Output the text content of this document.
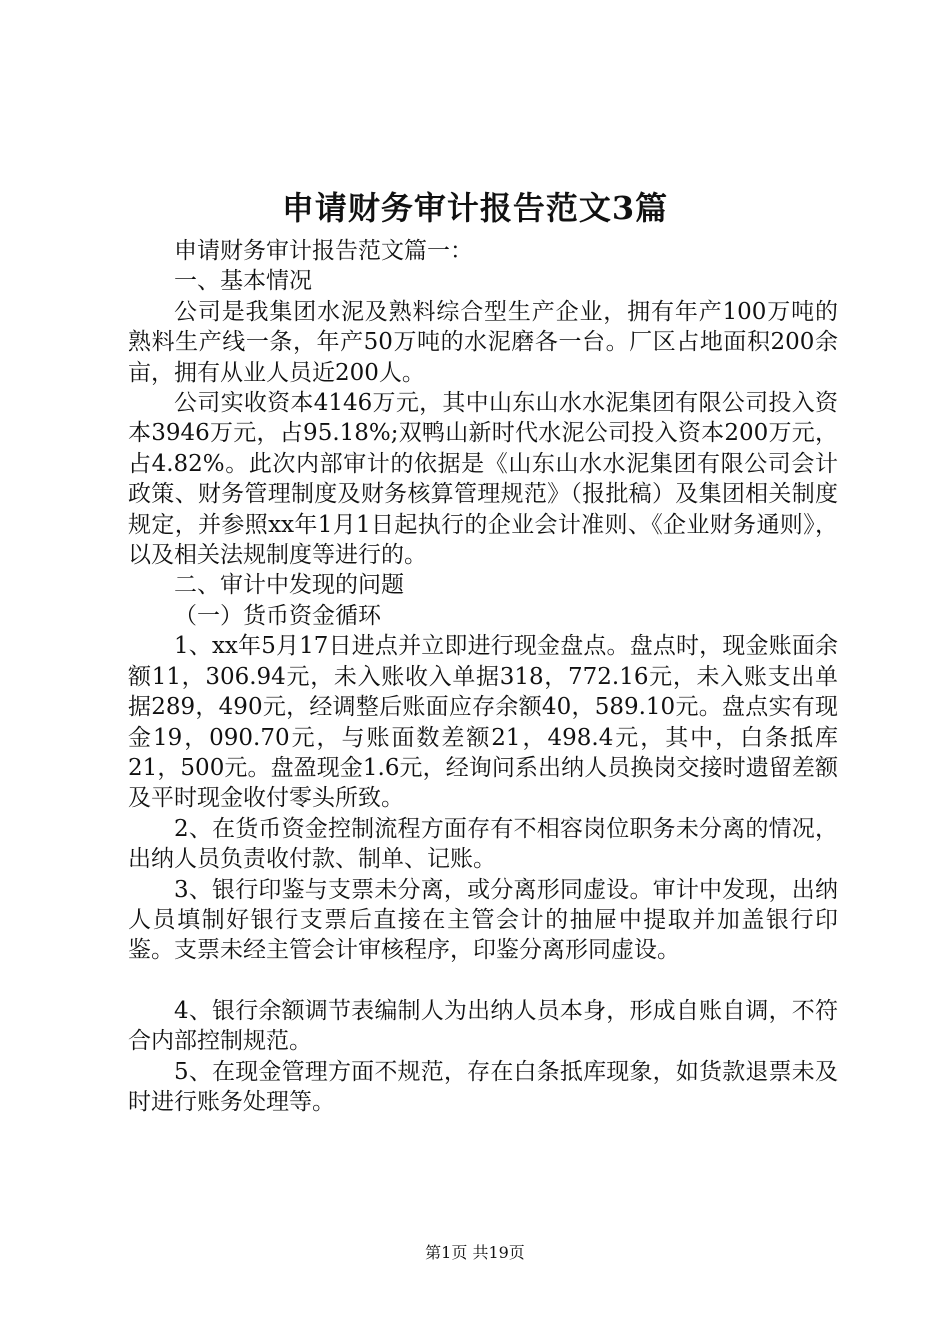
申请财务审计报告范文3篇

申请财务审计报告范文篇一：

一、基本情况

公司是我集团水泥及熟料综合型生产企业，拥有年产100万吨的熟料生产线一条，年产50万吨的水泥磨各一台。厂区占地面积200余亩，拥有从业人员近200人。

公司实收资本4146万元，其中山东山水水泥集团有限公司投入资本3946万元，占95.18%;双鸭山新时代水泥公司投入资本200万元，占4.82%。此次内部审计的依据是《山东山水水泥集团有限公司会计政策、财务管理制度及财务核算管理规范》（报批稿）及集团相关制度规定，并参照xx年1月1日起执行的企业会计准则、《企业财务通则》，以及相关法规制度等进行的。

二、审计中发现的问题

（一）货币资金循环

1、xx年5月17日进点并立即进行现金盘点。盘点时，现金账面余额11，306.94元，未入账收入单据318，772.16元，未入账支出单据289，490元，经调整后账面应存余额40，589.10元。盘点实有现金19，090.70元，与账面数差额21，498.4元，其中，白条抵库21，500元。盘盈现金1.6元，经询问系出纳人员换岗交接时遗留差额及平时现金收付零头所致。

2、在货币资金控制流程方面存有不相容岗位职务未分离的情况，出纳人员负责收付款、制单、记账。

3、银行印鉴与支票未分离，或分离形同虚设。审计中发现，出纳人员填制好银行支票后直接在主管会计的抽屉中提取并加盖银行印鉴。支票未经主管会计审核程序，印鉴分离形同虚设。

4、银行余额调节表编制人为出纳人员本身，形成自账自调，不符合内部控制规范。

5、在现金管理方面不规范，存在白条抵库现象，如货款退票未及时进行账务处理等。

第1页 共19页
